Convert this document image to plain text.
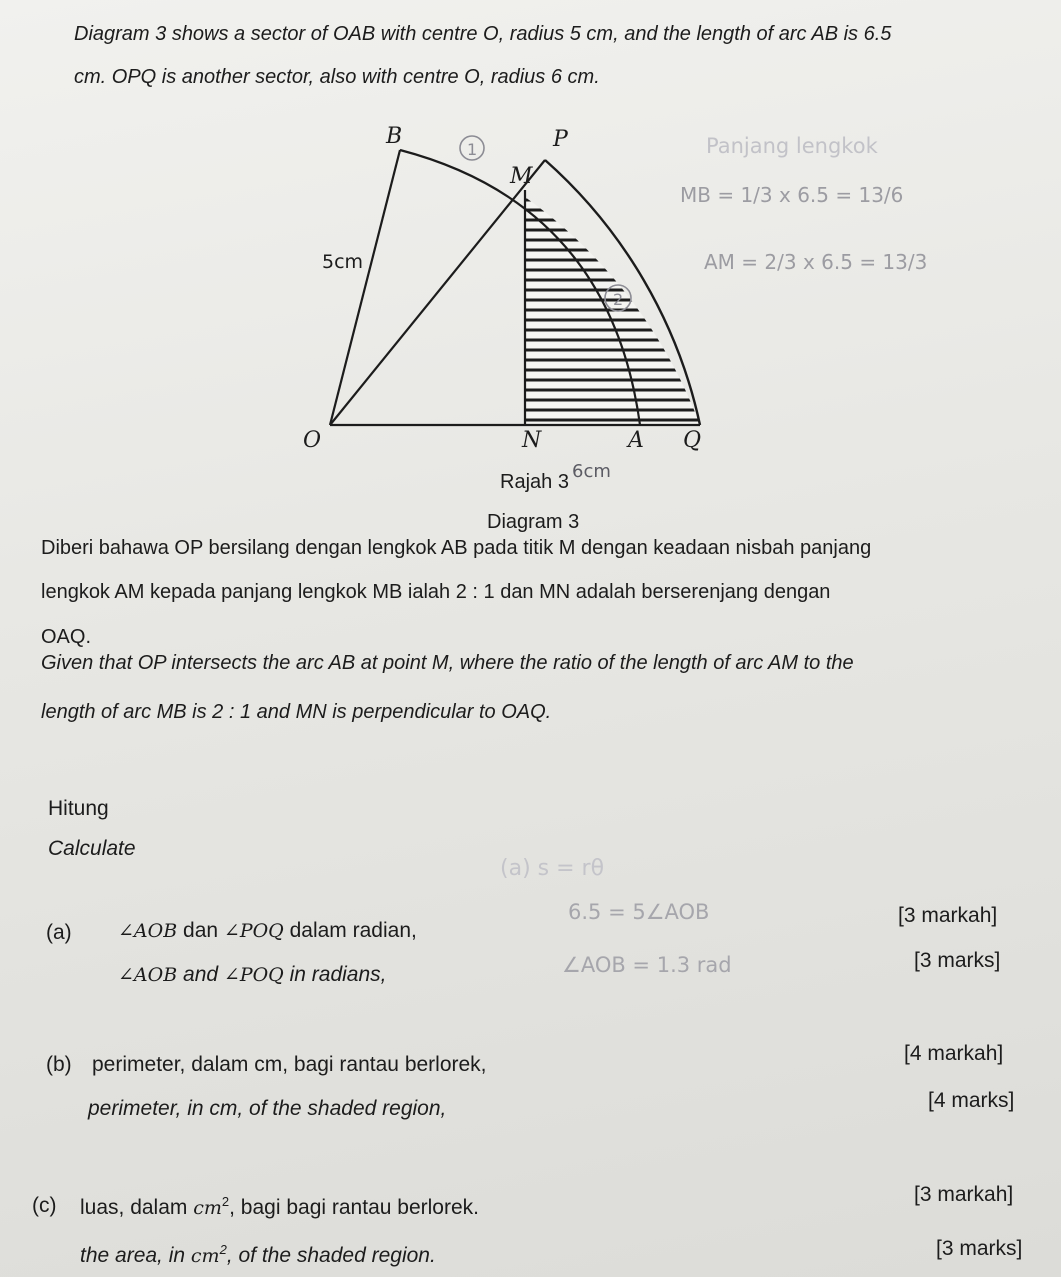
Diagram 3 shows a sector of OAB with centre O, radius 5 cm, and the length of arc AB is 6.5
cm. OPQ is another sector, also with centre O, radius 6 cm.
1
2
B	P
M
O	N	A Q
5cm
Rajah 3 6cm
Diagram 3
Panjang lengkok
MB = 1/3 x 6.5 = 13/6
AM = 2/3 x 6.5 = 13/3
Diberi bahawa OP bersilang dengan lengkok AB pada titik M dengan keadaan nisbah panjang
lengkok AM kepada panjang lengkok MB ialah 2 : 1 dan MN adalah berserenjang dengan
OAQ.
Given that OP intersects the arc AB at point M, where the ratio of the length of arc AM to the
length of arc MB is 2 : 1 and MN is perpendicular to OAQ.
Hitung
Calculate
(a) s = rθ
6.5 = 5∠AOB
∠AOB = 1.3 rad
(a) ∠AOB dan ∠POQ dalam radian,
[3 markah]
∠AOB and ∠POQ in radians,
[3 marks]
(b) perimeter, dalam cm, bagi rantau berlorek,	[4 markah]
perimeter, in cm, of the shaded region,	[4 marks]
(c) luas, dalam $cm^2$, bagi bagi rantau berlorek.
[3 markah]
the area, in $cm^2$, of the shaded region.	[3 marks]
